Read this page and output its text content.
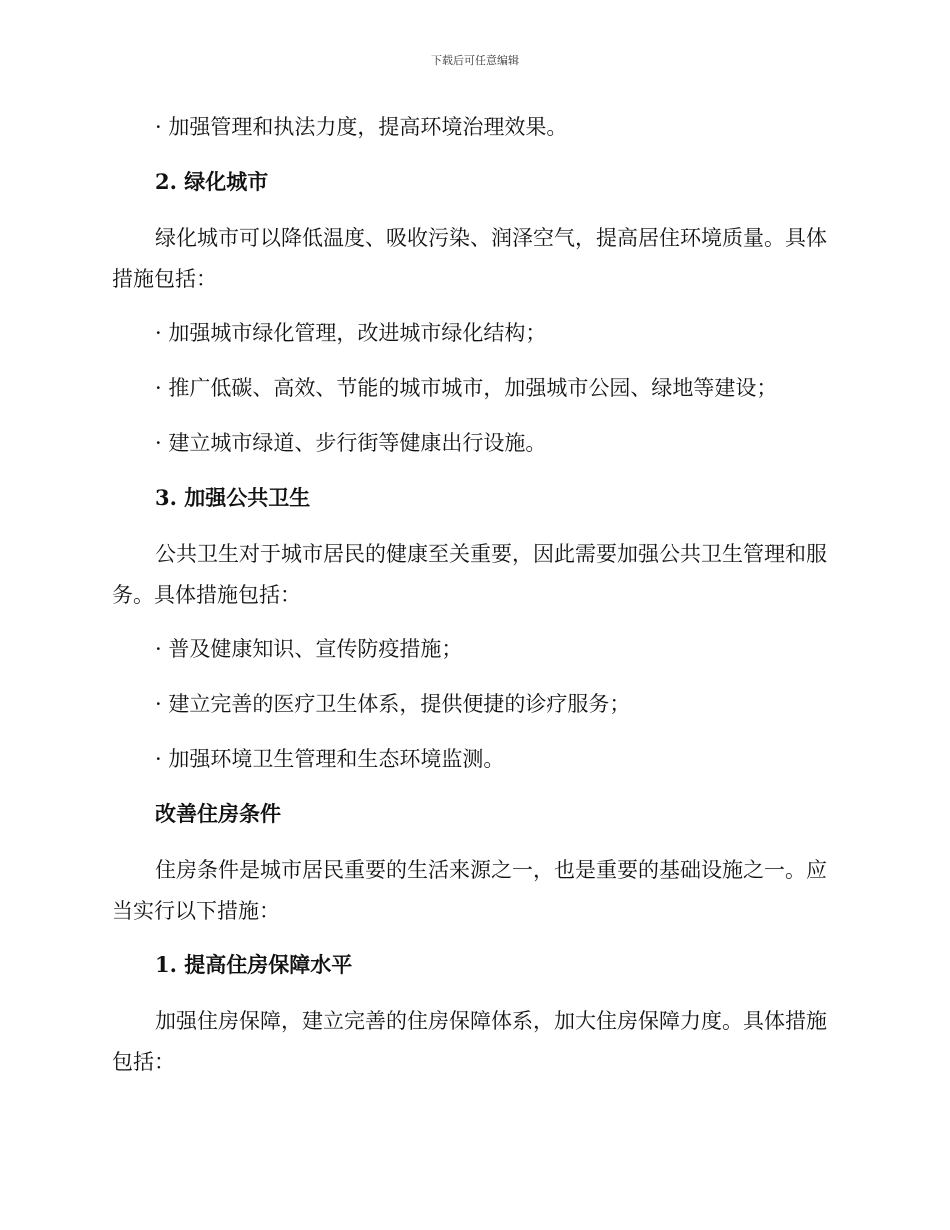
下载后可任意编辑
· 加强管理和执法力度，提高环境治理效果。
2. 绿化城市
绿化城市可以降低温度、吸收污染、润泽空气，提高居住环境质量。具体措施包括：
· 加强城市绿化管理，改进城市绿化结构；
· 推广低碳、高效、节能的城市城市，加强城市公园、绿地等建设；
· 建立城市绿道、步行街等健康出行设施。
3. 加强公共卫生
公共卫生对于城市居民的健康至关重要，因此需要加强公共卫生管理和服务。具体措施包括：
· 普及健康知识、宣传防疫措施；
· 建立完善的医疗卫生体系，提供便捷的诊疗服务；
· 加强环境卫生管理和生态环境监测。
改善住房条件
住房条件是城市居民重要的生活来源之一，也是重要的基础设施之一。应当实行以下措施：
1. 提高住房保障水平
加强住房保障，建立完善的住房保障体系，加大住房保障力度。具体措施包括：
